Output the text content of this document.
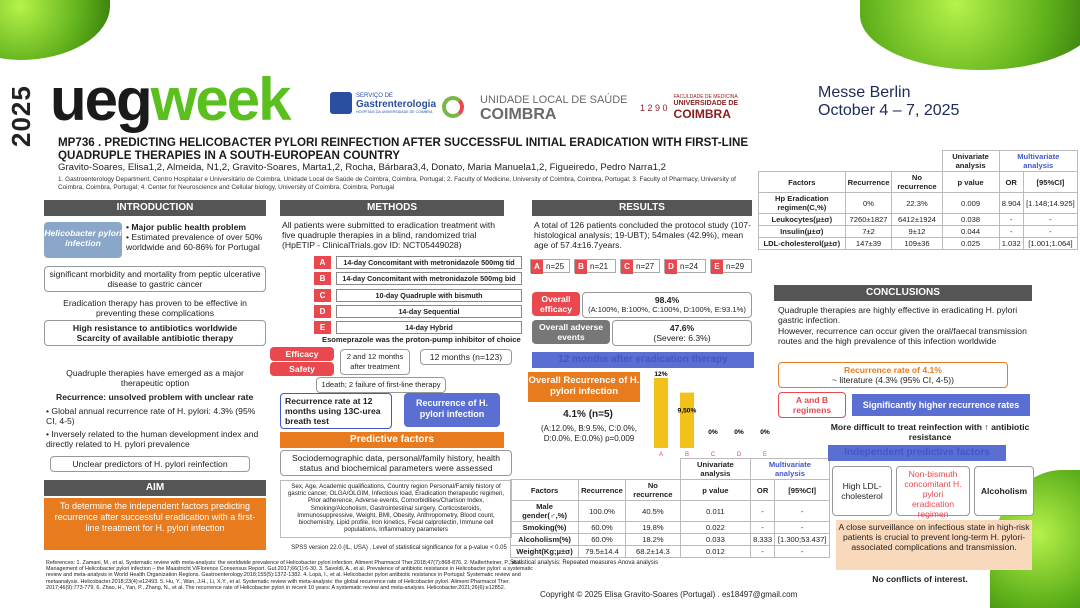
2025 uegweek	SERVIÇO DE
Gastrenterologia
HOSPITAIS DA UNIVERSIDADE DE COIMBRA
UNIDADE LOCAL DE SAÚDE
COIMBRA	1 2 9 0
FACULDADE DE MEDICINA
UNIVERSIDADE DE
COIMBRA
Messe Berlin
October 4 – 7, 2025
MP736 . PREDICTING HELICOBACTER PYLORI REINFECTION AFTER SUCCESSFUL INITIAL ERADICATION WITH FIRST-LINE QUADRUPLE THERAPIES IN A SOUTH-EUROPEAN COUNTRY
Gravito-Soares, Elisa1,2, Almeida, N1,2, Gravito-Soares, Marta1,2, Rocha, Bárbara3,4, Donato, Maria Manuela1,2, Figueiredo, Pedro Narra1,2
1. Gastroenterology Department, Centro Hospitalar e Universitário de Coimbra, Unidade Local de Saúde de Coimbra, Coimbra, Portugal; 2. Faculty of Medicine, University of Coimbra, Coimbra, Portugal; 3. Faculty of Pharmacy, University of Coimbra, Coimbra, Portugal; 4. Center for Neuroscience and Cellular biology, University of Coimbra, Coimbra, Portugal
INTRODUCTION
Helicobacter pylori infection
• Major public health problem
• Estimated prevalence of over 50% worldwide and 60-86% for Portugal
significant morbidity and mortality from peptic ulcerative disease to gastric cancer
Eradication therapy has proven to be effective in preventing these complications
High resistance to antibiotics worldwide
Scarcity of available antibiotic therapy
Quadruple therapies have emerged as a major therapeutic option
Recurrence: unsolved problem with unclear rate
• Global annual recurrence rate of H. pylori: 4.3% (95% CI, 4-5)
• Inversely related to the human development index and directly related to H. pylori prevalence
Unclear predictors of H. pylori reinfection
AIM
To determine the independent factors predicting recurrence after successful eradication with a first-line treatment for H. pylori infection
METHODS
All patients were submitted to eradication treatment with five quadruple therapies in a blind, randomized trial (HpETIP - ClinicalTrials.gov ID: NCT05449028)
A	14-day Concomitant with metronidazole 500mg tid
B	14-day Concomitant with metronidazole 500mg bid
C	10-day Quadruple with bismuth
D	14-day Sequential
E	14-day Hybrid
Esomeprazole was the proton-pump inhibitor of choice
Efficacy
Safety
2 and 12 months after treatment
12 months (n=123)
1death; 2 failure of first-line therapy
Recurrence rate at 12 months using 13C-urea breath test
Recurrence of H. pylori infection
Predictive factors
Sociodemographic data, personal/family history, health status and biochemical parameters were assessed
Sex, Age, Academic qualifications, Country region Personal/Family history of gastric cancer, OLGA/OLGIM, Infectious load, Eradication therapeutic regimen, Prior adherence, Adverse events, Comorbidities/Charlson Index, Smoking/Alcoholism, Gastrointestinal surgery, Corticosteroids, Immunosuppressive, Weight, BMI, Obesity, Anthropometry, Blood count, biochemistry, Lipid profile, Iron kinetics, Fecal calprotectin, Immune cell populations, Inflammatory parameters
SPSS version 22.0 (IL, USA) . Level of statistical significance for a p-value < 0.05
RESULTS
A total of 126 patients concluded the protocol study (107-histological analysis; 19-UBT); 54males (42.9%), mean age of 57.4±16.7years.
A n=25	B n=21	C n=27	D n=24	E n=29
Overall efficacy
98.4%
(A:100%, B:100%, C:100%, D:100%, E:93.1%)
Overall adverse events
47.6%
(Severe: 6.3%)
12 months after eradication therapy
Overall Recurrence of H. pylori infection
4.1% (n=5)
(A:12.0%, B:9.5%, C:0.0%, D:0.0%, E:0.0%) p=0.009
12%
A
9,50%
B
0%
C
0%
D
0%
E
			Univariate analysis	Multivariate analysis	
Factors	Recurrence	No recurrence	p value	OR	[95%CI]
Male gender(♂,%)	100.0%	40.5%	0.011	-	-
Smoking(%)	60.0%	19.8%	0.022	-	-
Alcoholism(%)	60.0%	18.2%	0.033	8.333	[1.300;53.437]
Weight(Kg;µ±σ)	79.5±14.4	68.2±14.3	0.012	-	-
Statistical analysis: Repeated measures Anova analysis
			Univariate analysis	Multivariate analysis	
Factors	Recurrence	No recurrence	p value	OR	[95%CI]
Hp Eradication regimen(C,%)	0%	22.3%	0.009	8.904	[1.148;14.925]
Leukocytes(µ±σ)	7260±1827	6412±1924	0.038	-	-
Insulin(µ±σ)	7±2	9±12	0.044	-	-
LDL-cholesterol(µ±σ)	147±39	109±36	0.025	1.032	[1.001;1.064]
CONCLUSIONS
Quadruple therapies are highly effective in eradicating H. pylori gastric infection.
However, recurrence can occur given the oral/faecal transmission routes and the high prevalence of this infection worldwide
Recurrence rate of 4.1%
~ literature (4.3% (95% CI, 4-5))
A and B regimens	Significantly higher recurrence rates
More difficult to treat reinfection with ↑ antibiotic resistance
Independent predictive factors
High LDL-cholesterol
Non-bismuth concomitant H. pylori eradication regimen
Alcoholism
A close surveillance on infectious state in high-risk patients is crucial to prevent long-term H. pylori-associated complications and transmission.
No conflicts of interest.
References: 1. Zamani, M., et al. Systematic review with meta-analysis: the worldwide prevalence of Helicobacter pylori infection. Aliment Pharmacol Ther.2018;47(7):868-876. 2. Malfertheiner, P., et al. Management of Helicobacter pylori infection – the Maastricht V/Florence Consensus Report. Gut.2017;66(1):6-30. 3. Savoldi, A., et al. Prevalence of antibiotic resistance in Helicobacter pylori: a systematic review and meta-analysis in World Health Organization Regions. Gastroenterology.2018;155(5):1372-1382. 4. Lopá, I., et al. Helicobacter pylori antibiotic resistance in Portugal: Systematic review and metaanalysis. Helicobacter.2018;23(4):e12493. 5. Hu, Y., Wan, J.H., Li, X.Y., et al. Systematic review with meta-analysis: the global recurrence rate of Helicobacter pylori. Aliment Pharmacol Ther. 2017;46(9):773-779. 6. Zhao, H., Yan, P., Zhang, N., et al. The recurrence rate of Helicobacter pylori in recent 10 years: A systematic review and meta-analysis. Helicobacter.2021;26(6):e12852.
Copyright © 2025 Elisa Gravito-Soares (Portugal) . es18497@gmail.com
